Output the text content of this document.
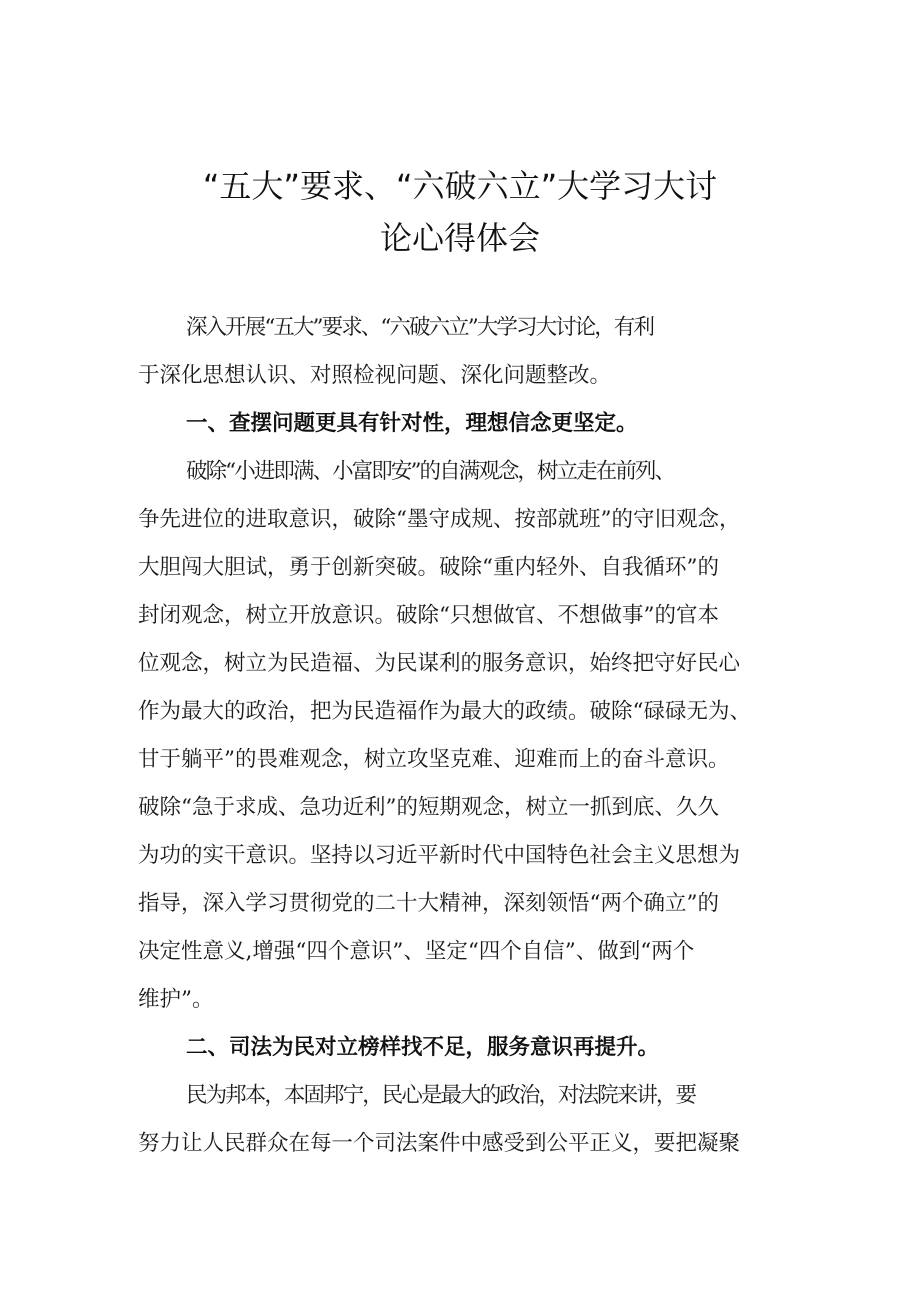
“五大”要求、“六破六立”大学习大讨
论心得体会
深入开展“五大”要求、“六破六立”大学习大讨论，有利
于深化思想认识、对照检视问题、深化问题整改。
一、查摆问题更具有针对性，理想信念更坚定。
破除“小进即满、小富即安”的自满观念，树立走在前列、
争先进位的进取意识，破除“墨守成规、按部就班”的守旧观念，
大胆闯大胆试，勇于创新突破。破除“重内轻外、自我循环”的
封闭观念，树立开放意识。破除“只想做官、不想做事”的官本
位观念，树立为民造福、为民谋利的服务意识，始终把守好民心
作为最大的政治，把为民造福作为最大的政绩。破除“碌碌无为、
甘于躺平”的畏难观念，树立攻坚克难、迎难而上的奋斗意识。
破除“急于求成、急功近利”的短期观念，树立一抓到底、久久
为功的实干意识。坚持以习近平新时代中国特色社会主义思想为
指导，深入学习贯彻党的二十大精神，深刻领悟“两个确立”的
决定性意义,增强“四个意识”、坚定“四个自信”、做到“两个
维护”。
二、司法为民对立榜样找不足，服务意识再提升。
民为邦本，本固邦宁，民心是最大的政治，对法院来讲，要
努力让人民群众在每一个司法案件中感受到公平正义，要把凝聚
